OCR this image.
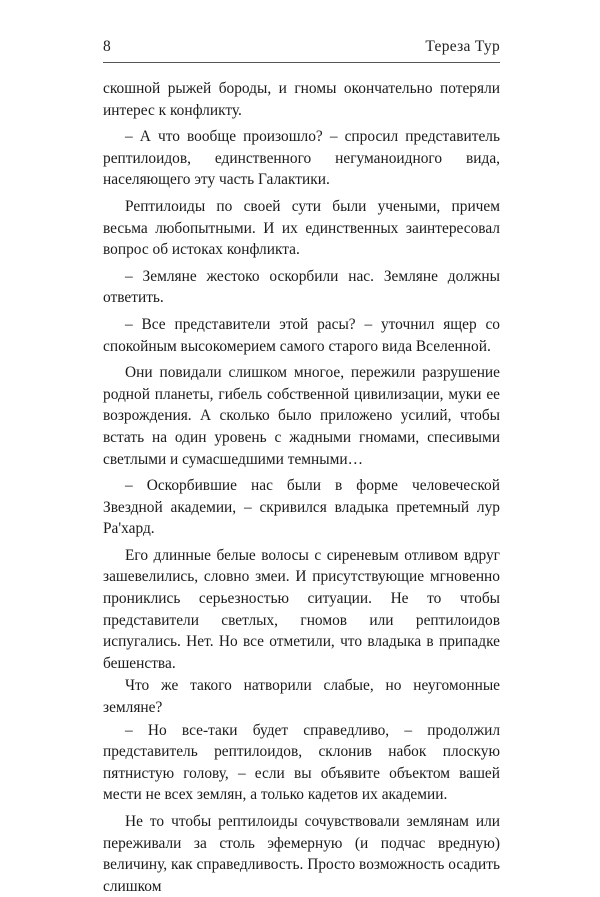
8	Тереза Тур

скошной рыжей бороды, и гномы окончательно потеряли интерес к конфликту.

– А что вообще произошло? – спросил представитель рептилоидов, единственного негуманоидного вида, населяющего эту часть Галактики.

Рептилоиды по своей сути были учеными, причем весьма любопытными. И их единственных заинтересовал вопрос об истоках конфликта.

– Земляне жестоко оскорбили нас. Земляне должны ответить.

– Все представители этой расы? – уточнил ящер со спокойным высокомерием самого старого вида Вселенной.

Они повидали слишком многое, пережили разрушение родной планеты, гибель собственной цивилизации, муки ее возрождения. А сколько было приложено усилий, чтобы встать на один уровень с жадными гномами, спесивыми светлыми и сумасшедшими темными…

– Оскорбившие нас были в форме человеческой Звездной академии, – скривился владыка претемный лур Ра'хард.

Его длинные белые волосы с сиреневым отливом вдруг зашевелились, словно змеи. И присутствующие мгновенно прониклись серьезностью ситуации. Не то чтобы представители светлых, гномов или рептилоидов испугались. Нет. Но все отметили, что владыка в припадке бешенства.

Что же такого натворили слабые, но неугомонные земляне?

– Но все-таки будет справедливо, – продолжил представитель рептилоидов, склонив набок плоскую пятнистую голову, – если вы объявите объектом вашей мести не всех землян, а только кадетов их академии.

Не то чтобы рептилоиды сочувствовали землянам или переживали за столь эфемерную (и подчас вредную) величину, как справедливость. Просто возможность осадить слишком
